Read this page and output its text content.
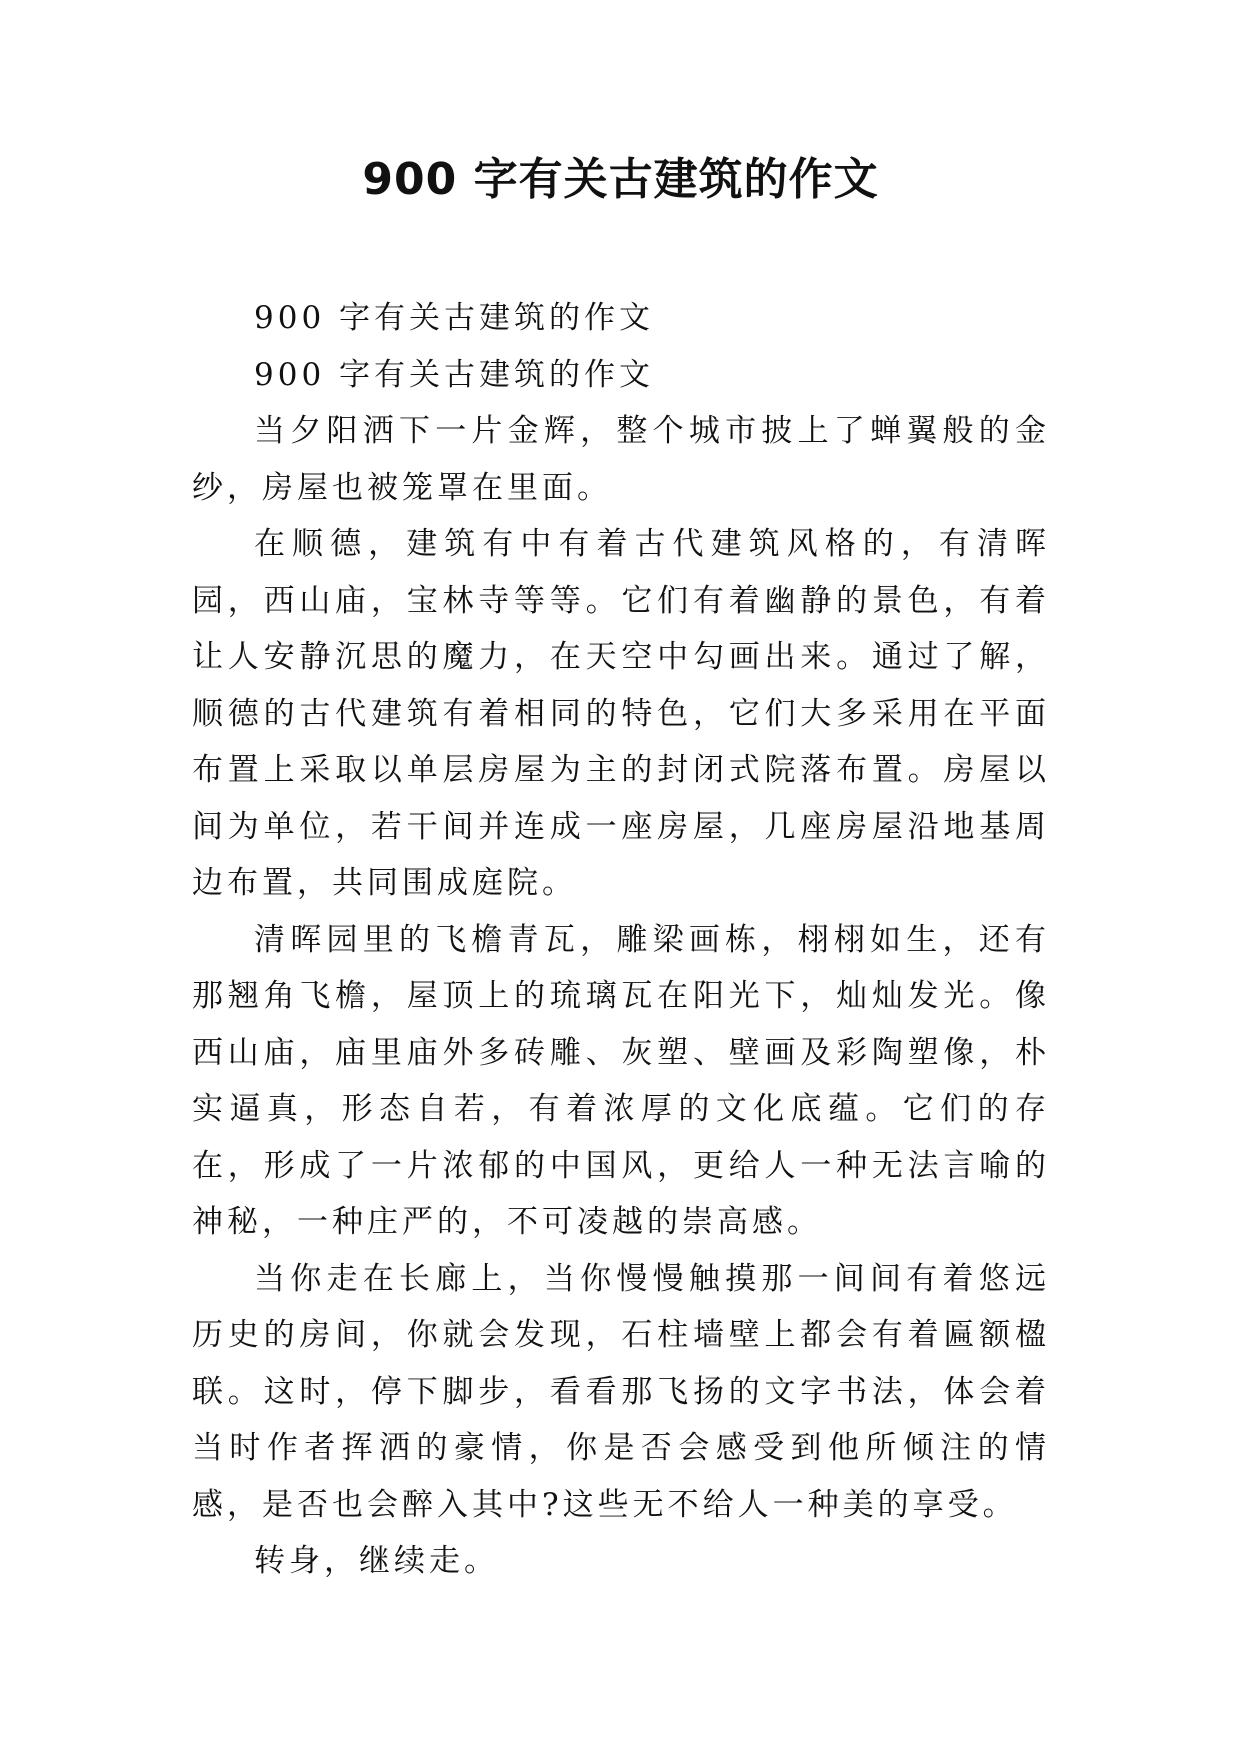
900 字有关古建筑的作文

900 字有关古建筑的作文

900 字有关古建筑的作文

当夕阳洒下一片金辉，整个城市披上了蝉翼般的金纱，房屋也被笼罩在里面。

在顺德，建筑有中有着古代建筑风格的，有清晖园，西山庙，宝林寺等等。它们有着幽静的景色，有着让人安静沉思的魔力，在天空中勾画出来。通过了解，顺德的古代建筑有着相同的特色，它们大多采用在平面布置上采取以单层房屋为主的封闭式院落布置。房屋以间为单位，若干间并连成一座房屋，几座房屋沿地基周边布置，共同围成庭院。

清晖园里的飞檐青瓦，雕梁画栋，栩栩如生，还有那翘角飞檐，屋顶上的琉璃瓦在阳光下，灿灿发光。像西山庙，庙里庙外多砖雕、灰塑、壁画及彩陶塑像，朴实逼真，形态自若，有着浓厚的文化底蕴。它们的存在，形成了一片浓郁的中国风，更给人一种无法言喻的神秘，一种庄严的，不可凌越的崇高感。

当你走在长廊上，当你慢慢触摸那一间间有着悠远历史的房间，你就会发现，石柱墙壁上都会有着匾额楹联。这时，停下脚步，看看那飞扬的文字书法，体会着当时作者挥洒的豪情，你是否会感受到他所倾注的情感，是否也会醉入其中?这些无不给人一种美的享受。

转身，继续走。
